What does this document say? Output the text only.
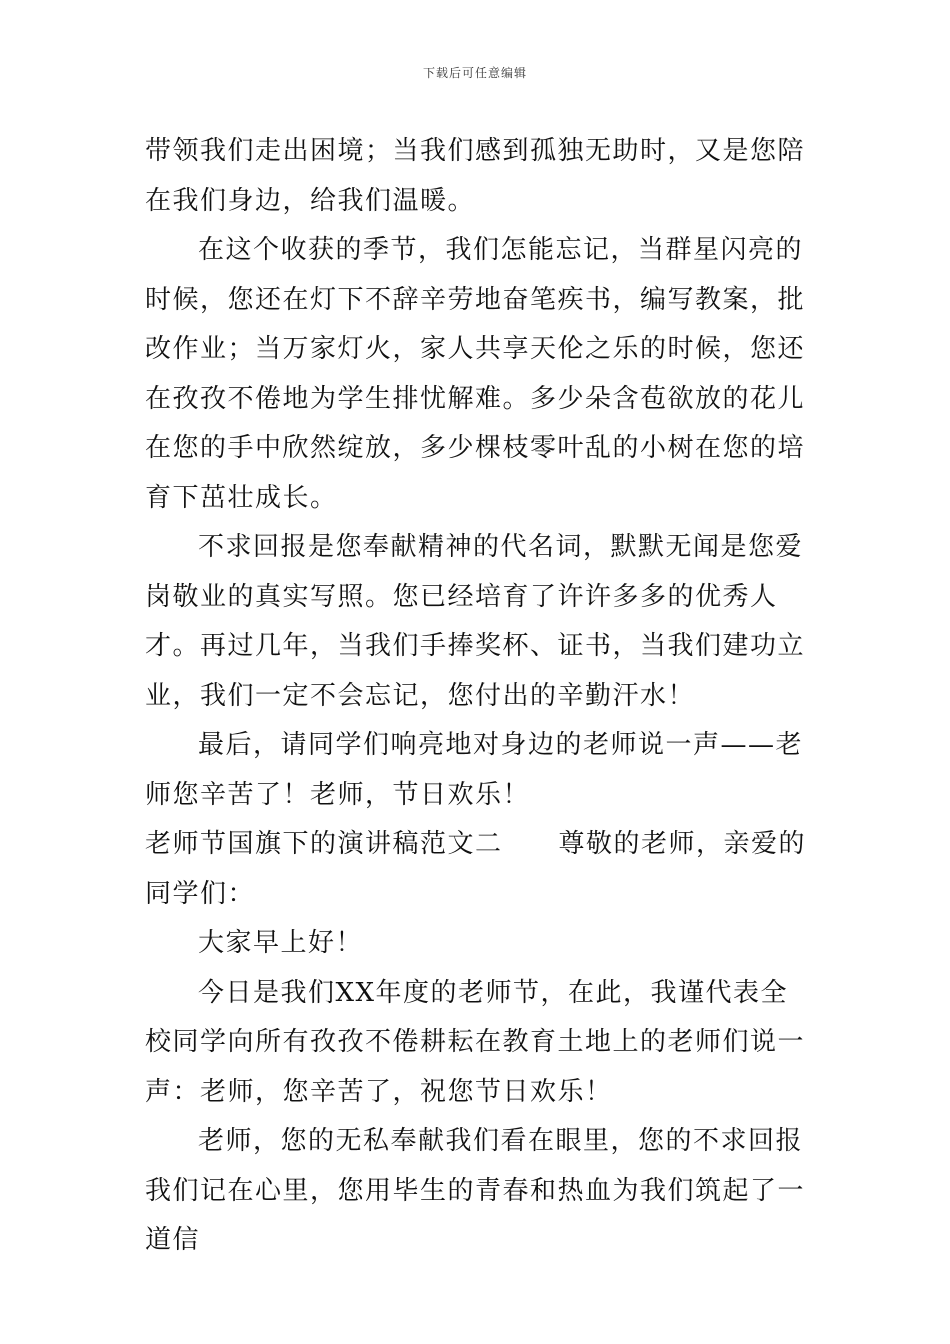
下载后可任意编辑

带领我们走出困境；当我们感到孤独无助时，又是您陪在我们身边，给我们温暖。

在这个收获的季节，我们怎能忘记，当群星闪亮的时候，您还在灯下不辞辛劳地奋笔疾书，编写教案，批改作业；当万家灯火，家人共享天伦之乐的时候，您还在孜孜不倦地为学生排忧解难。多少朵含苞欲放的花儿在您的手中欣然绽放，多少棵枝零叶乱的小树在您的培育下茁壮成长。

不求回报是您奉献精神的代名词，默默无闻是您爱岗敬业的真实写照。您已经培育了许许多多的优秀人才。再过几年，当我们手捧奖杯、证书，当我们建功立业，我们一定不会忘记，您付出的辛勤汗水！

最后，请同学们响亮地对身边的老师说一声——老师您辛苦了！老师，节日欢乐！

老师节国旗下的演讲稿范文二 尊敬的老师，亲爱的同学们：

大家早上好！

今日是我们XX年度的老师节，在此，我谨代表全校同学向所有孜孜不倦耕耘在教育土地上的老师们说一声：老师，您辛苦了，祝您节日欢乐！

老师，您的无私奉献我们看在眼里，您的不求回报我们记在心里，您用毕生的青春和热血为我们筑起了一道信
